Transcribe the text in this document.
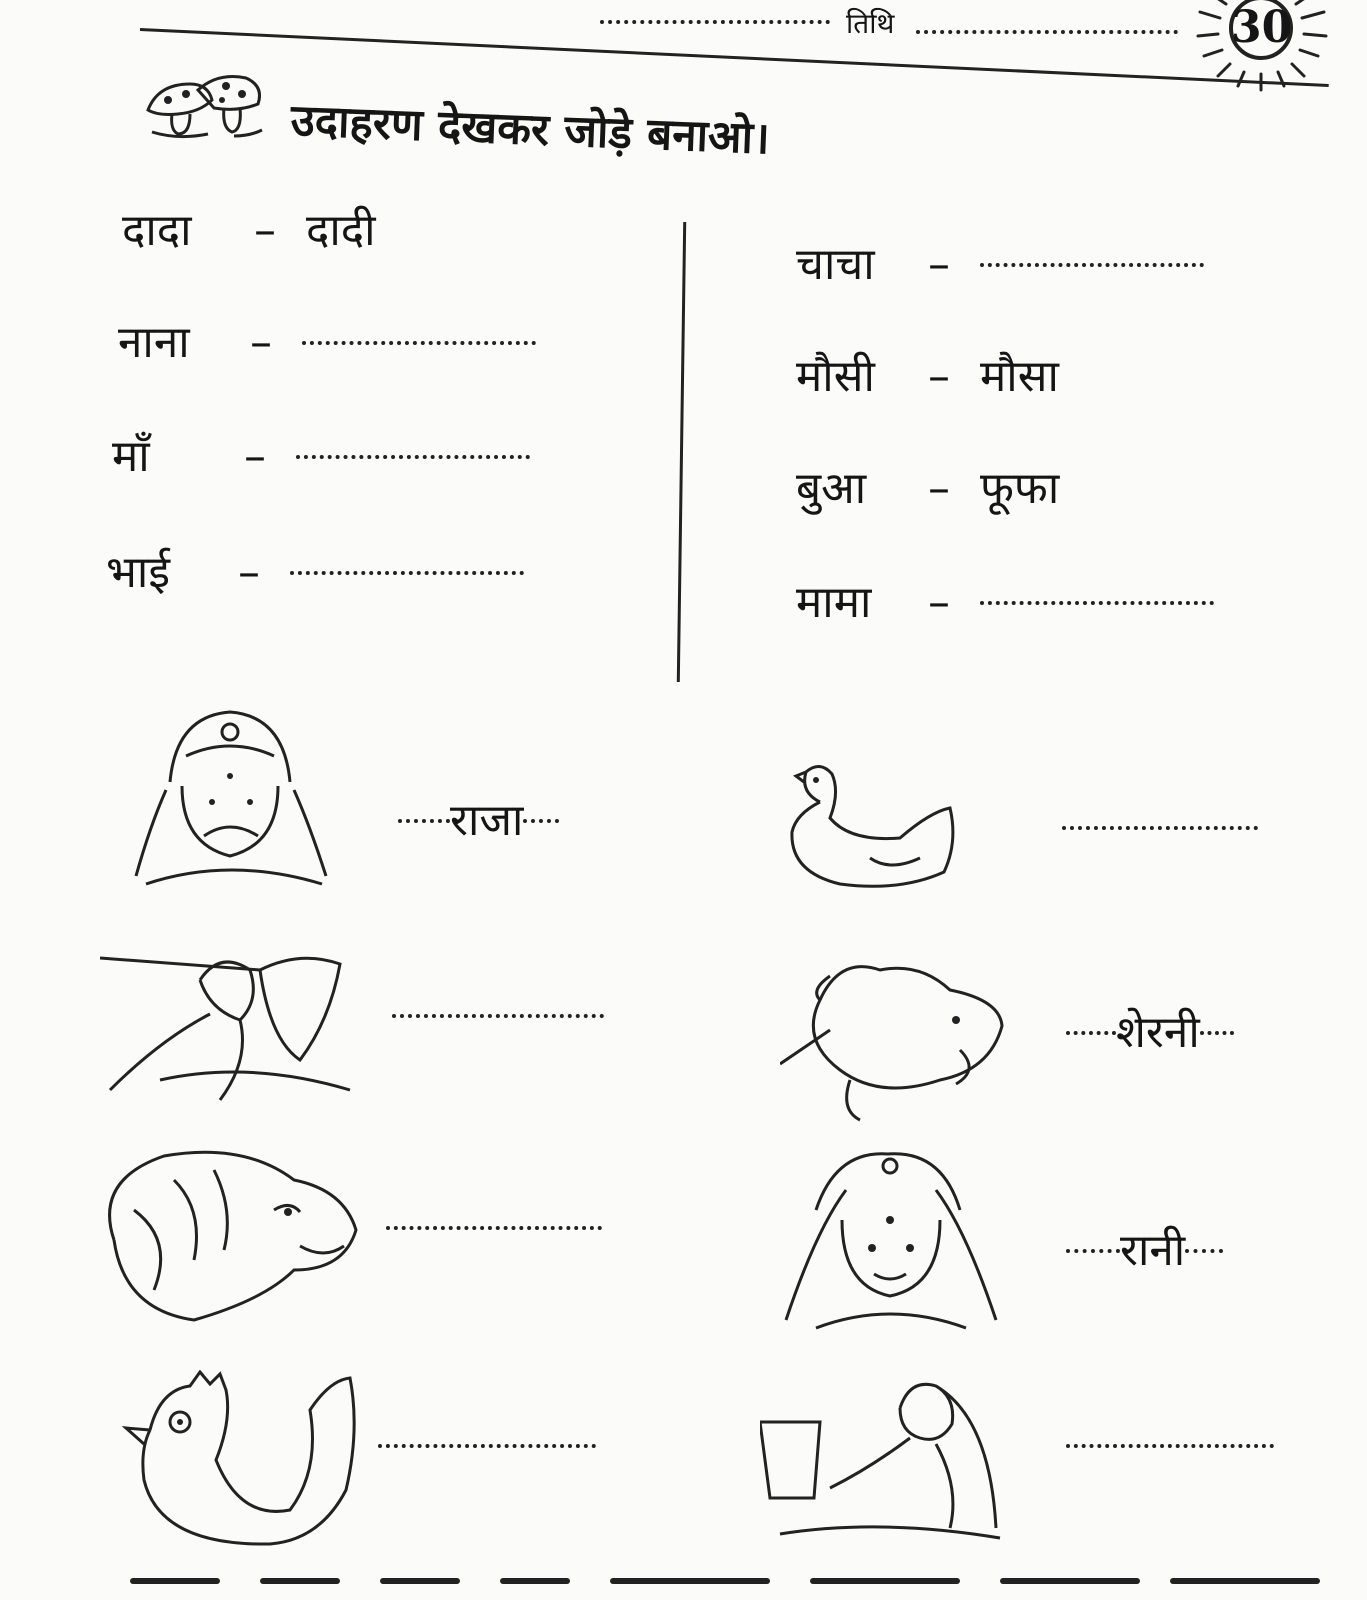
तिथि	30
उदाहरण देखकर जोड़े बनाओ।
दादा – दादी
नाना –
माँ –
भाई –
चाचा –
मौसी – मौसा
बुआ – फूफा
मामा –
राजा
शेरनी
रानी
